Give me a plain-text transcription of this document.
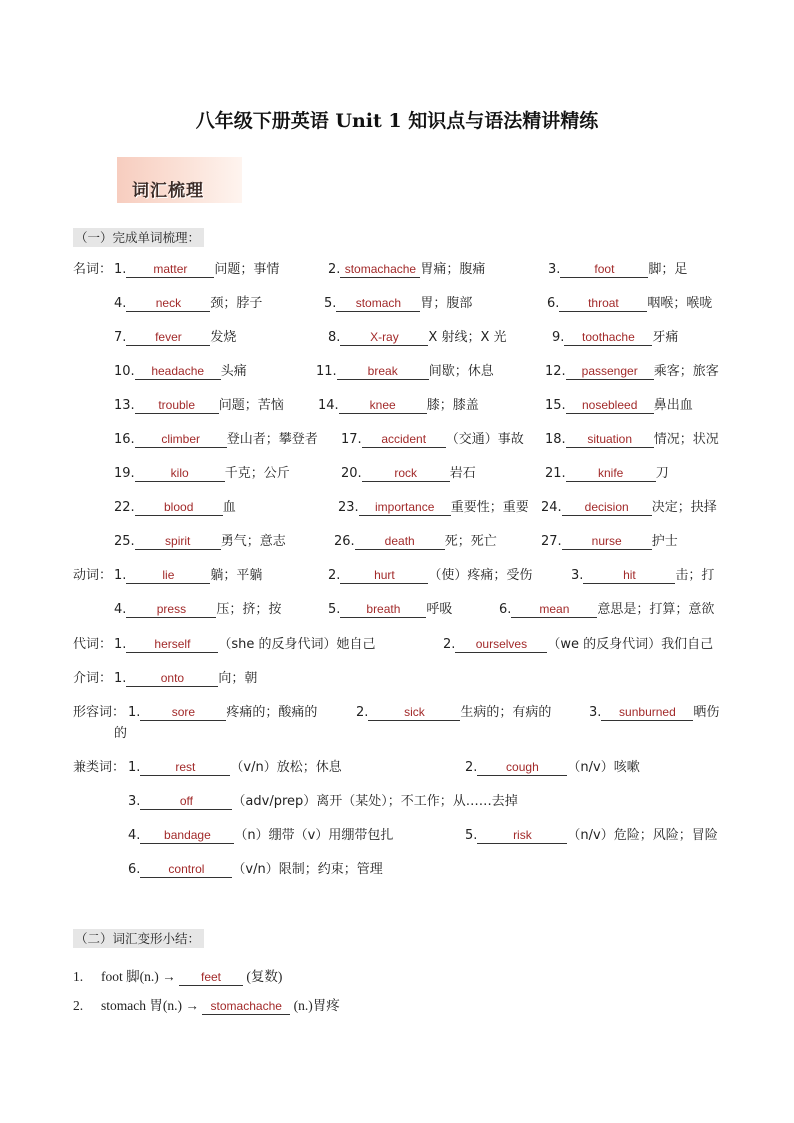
八年级下册英语 Unit 1 知识点与语法精讲精练
词汇梳理
（一）完成单词梳理：
名词： 1. matter 问题；事情	2. stomachache 胃痛；腹痛	3.	foot	脚；足
4. neck 颈；脖子	5. stomach 胃；腹部	6. throat 咽喉；喉咙
7. fever 发烧	8. X-ray X 射线；X 光	9. toothache 牙痛
10. headache 头痛	11.	break 间歇；休息	12. passenger 乘客；旅客
13. trouble 问题；苦恼	14.	knee 膝；膝盖	15. nosebleed 鼻出血
16. climber 登山者；攀登者 17. accident （交通）事故 18. situation 情况；状况
19.	kilo	千克；公斤	20.	rock	岩石	21.	knife 刀
22. blood 血	23. importance 重要性；重要 24. decision 决定；抉择
25.	spirit 勇气；意志	26. death 死；死亡	27. nurse 护士
动词： 1.	lie	躺；平躺	2.	hurt	（使）疼痛；受伤	3.	hit	击；打
4.	press 压；挤；按	5. breath 呼吸	6. mean 意思是；打算；意欲
代词： 1. herself （she 的反身代词）她自己	2. ourselves （we 的反身代词）我们自己
介词： 1.	onto	向；朝
形容词： 1.	sore 疼痛的；酸痛的	2.	sick	生病的；有病的	3. sunburned 晒伤
的
兼类词： 1.	rest	（v/n）放松；休息	2. cough （n/v）咳嗽
3.	off	（adv/prep）离开（某处）；不工作；从……去掉
4. bandage （n）绷带（v）用绷带包扎	5.	risk	（n/v）危险；风险；冒险
6. control （v/n）限制；约束；管理
（二）词汇变形小结：
1. foot 脚(n.) → feet (复数)
2. stomach 胃(n.) → stomachache (n.)胃疼
